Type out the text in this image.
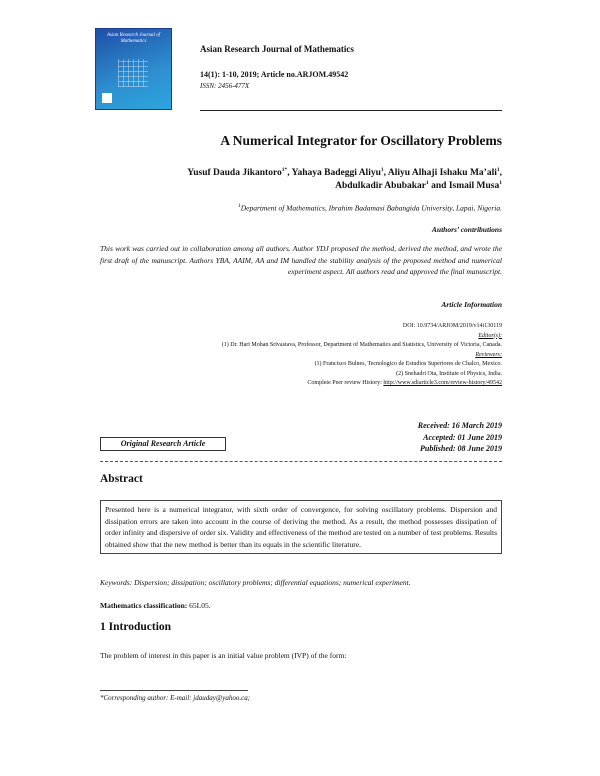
Asian Research Journal of Mathematics
Asian Research Journal of Mathematics
14(1): 1-10, 2019; Article no.ARJOM.49542
ISSN: 2456-477X
A Numerical Integrator for Oscillatory Problems
Yusuf Dauda Jikantoro$^{1*}$, Yahaya Badeggi Aliyu$^1$, Aliyu Alhaji Ishaku Ma’ali$^1$,
Abdulkadir Abubakar$^1$ and Ismail Musa$^1$
$^1$Department of Mathematics, Ibrahim Badamasi Babangida University, Lapai, Nigeria.
Authors’ contributions
This work was carried out in collaboration among all authors. Author YDJ proposed the method, derived the method, and wrote the first draft of the manuscript. Authors YBA, AAIM, AA and IM handled the stability analysis of the proposed method and numerical experiment aspect. All authors read and approved the final manuscript.
Article Information
DOI: 10.9734/ARJOM/2019/v14i130119
Editor(s):
(1) Dr. Hari Mohan Srivastava, Professor, Department of Mathematics and Statistics, University of Victoria, Canada.
Reviewers:
(1) Francisco Bulnes, Tecnologico de Estudios Superiores de Chalco, Mexico.
(2) Snehadri Ota, Institute of Physics, India.
Complete Peer review History: http://www.sdiarticle3.com/review-history/49542
Received: 16 March 2019
Accepted: 01 June 2019
Published: 08 June 2019
Original Research Article
Abstract
Presented here is a numerical integrator, with sixth order of convergence, for solving oscillatory problems. Dispersion and dissipation errors are taken into account in the course of deriving the method. As a result, the method possesses dissipation of order infinity and dispersive of order six. Validity and effectiveness of the method are tested on a number of test problems. Results obtained show that the new method is better than its equals in the scientific literature.
Keywords: Dispersion; dissipation; oscillatory problems; differential equations; numerical experiment.
Mathematics classification: 65L05.
1 Introduction
The problem of interest in this paper is an initial value problem (IVP) of the form:
*Corresponding author: E-mail: jdauday@yahoo.ca;
